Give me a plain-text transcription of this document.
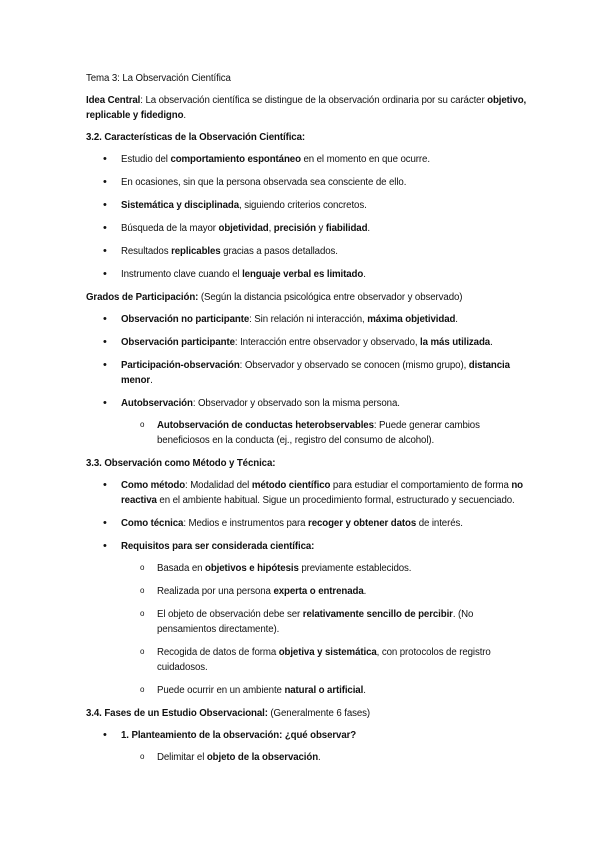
Tema 3: La Observación Científica

Idea Central: La observación científica se distingue de la observación ordinaria por su carácter objetivo, replicable y fidedigno.

3.2. Características de la Observación Científica:

• Estudio del comportamiento espontáneo en el momento en que ocurre.
• En ocasiones, sin que la persona observada sea consciente de ello.
• Sistemática y disciplinada, siguiendo criterios concretos.
• Búsqueda de la mayor objetividad, precisión y fiabilidad.
• Resultados replicables gracias a pasos detallados.
• Instrumento clave cuando el lenguaje verbal es limitado.

Grados de Participación: (Según la distancia psicológica entre observador y observado)

• Observación no participante: Sin relación ni interacción, máxima objetividad.
• Observación participante: Interacción entre observador y observado, la más utilizada.
• Participación-observación: Observador y observado se conocen (mismo grupo), distancia menor.
• Autobservación: Observador y observado son la misma persona.
o Autobservación de conductas heterobservables: Puede generar cambios beneficiosos en la conducta (ej., registro del consumo de alcohol).

3.3. Observación como Método y Técnica:

• Como método: Modalidad del método científico para estudiar el comportamiento de forma no reactiva en el ambiente habitual. Sigue un procedimiento formal, estructurado y secuenciado.
• Como técnica: Medios e instrumentos para recoger y obtener datos de interés.
• Requisitos para ser considerada científica:
o Basada en objetivos e hipótesis previamente establecidos.
o Realizada por una persona experta o entrenada.
o El objeto de observación debe ser relativamente sencillo de percibir. (No pensamientos directamente).
o Recogida de datos de forma objetiva y sistemática, con protocolos de registro cuidadosos.
o Puede ocurrir en un ambiente natural o artificial.

3.4. Fases de un Estudio Observacional: (Generalmente 6 fases)

• 1. Planteamiento de la observación: ¿qué observar?
o Delimitar el objeto de la observación.
